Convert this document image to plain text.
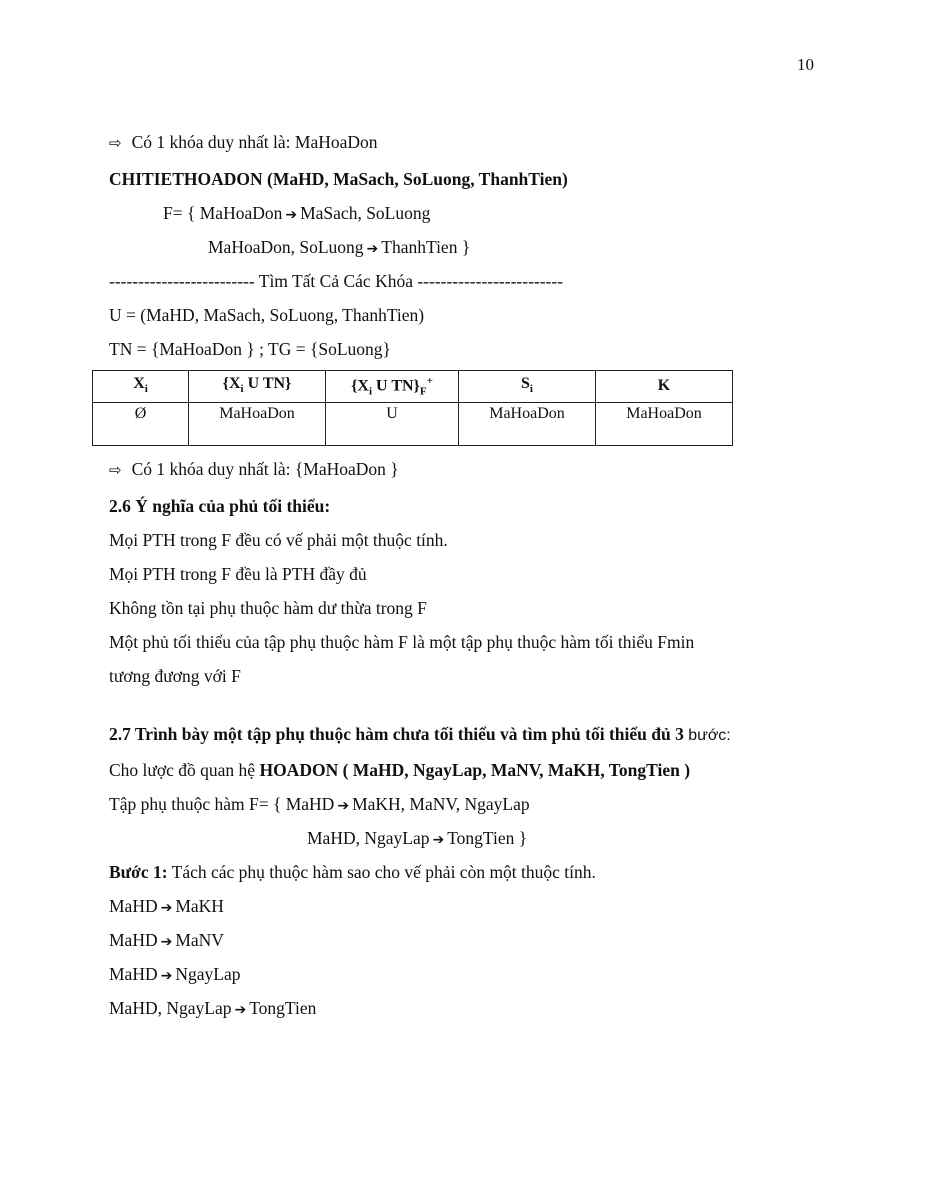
10
⇨ Có 1 khóa duy nhất là: MaHoaDon
CHITIETHOADON (MaHD, MaSach, SoLuong, ThanhTien)
F= { MaHoaDon ➔ MaSach, SoLuong
MaHoaDon, SoLuong ➔ ThanhTien }
------------------------- Tìm Tất Cả Các Khóa -------------------------
U = (MaHD, MaSach, SoLuong, ThanhTien)
TN = {MaHoaDon } ; TG = {SoLuong}
$X_i$	{$X_i$ U TN}	{$X_i$ U $TN\}_F^+$	$S_i$	K
Ø	MaHoaDon	U	MaHoaDon	MaHoaDon
⇨ Có 1 khóa duy nhất là: {MaHoaDon }
2.6 Ý nghĩa của phủ tối thiểu:
Mọi PTH trong F đều có vế phải một thuộc tính.
Mọi PTH trong F đều là PTH đầy đủ
Không tồn tại phụ thuộc hàm dư thừa trong F
Một phủ tối thiểu của tập phụ thuộc hàm F là một tập phụ thuộc hàm tối thiểu Fmin
tương đương với F
2.7 Trình bày một tập phụ thuộc hàm chưa tối thiểu và tìm phủ tối thiểu đủ 3 bước:
Cho lược đồ quan hệ HOADON ( MaHD, NgayLap, MaNV, MaKH, TongTien )
Tập phụ thuộc hàm F= { MaHD ➔ MaKH, MaNV, NgayLap
MaHD, NgayLap ➔ TongTien }
Bước 1: Tách các phụ thuộc hàm sao cho vế phải còn một thuộc tính.
MaHD ➔ MaKH
MaHD ➔ MaNV
MaHD ➔ NgayLap
MaHD, NgayLap ➔ TongTien
